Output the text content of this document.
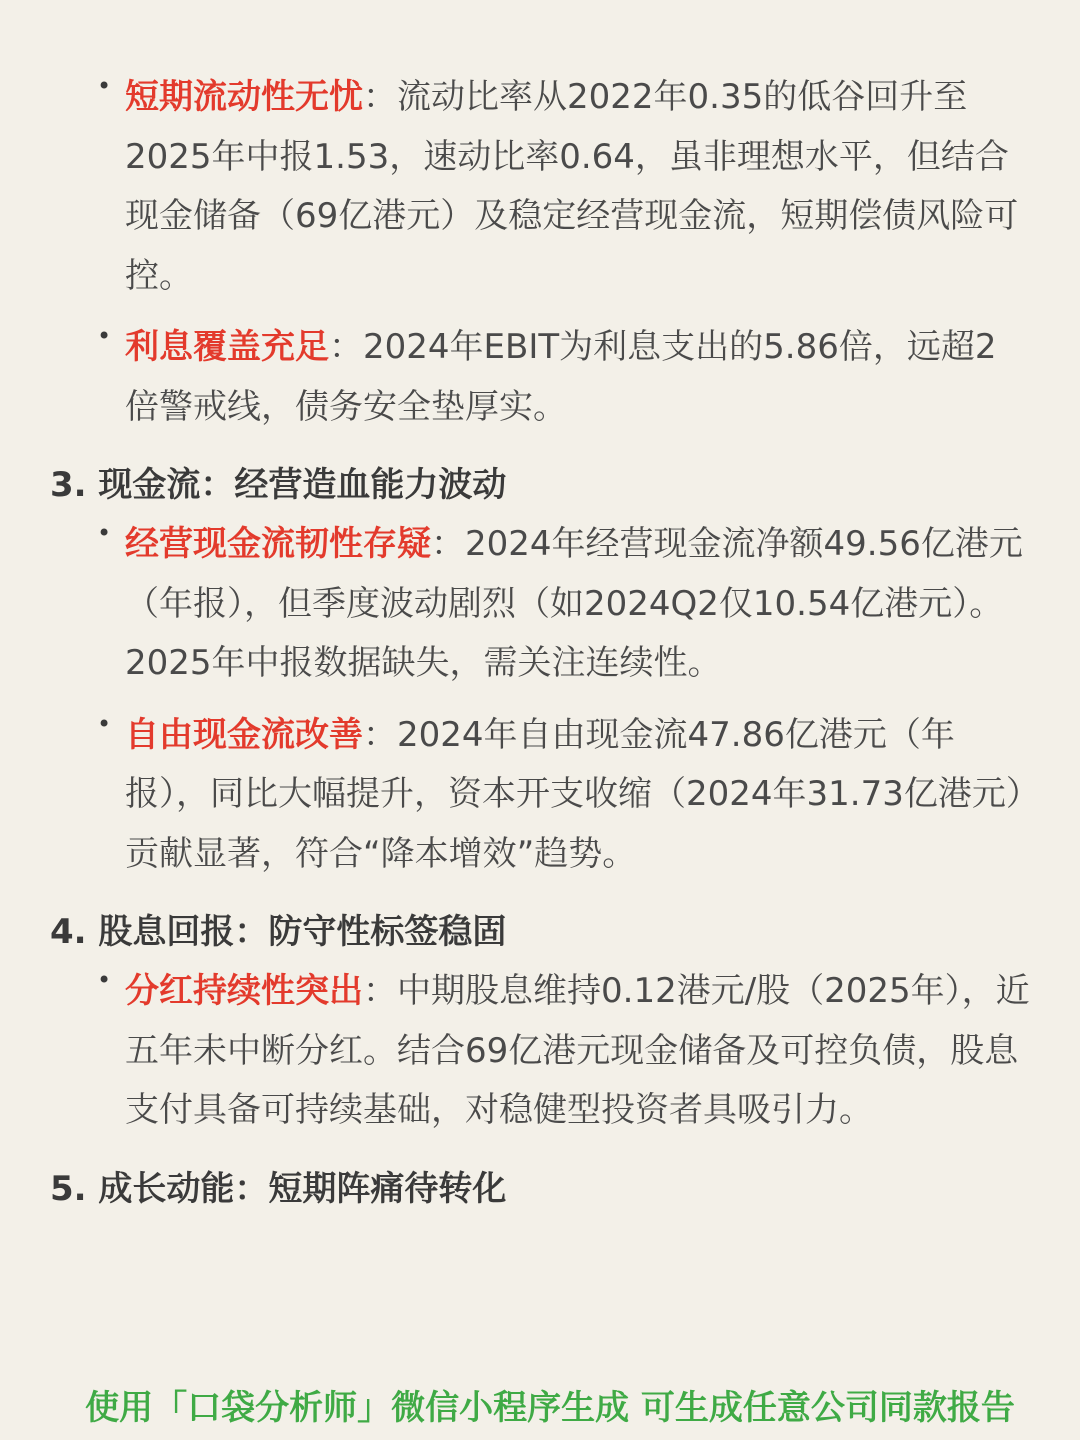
• 短期流动性无忧：流动比率从2022年0.35的低谷回升至2025年中报1.53，速动比率0.64，虽非理想水平，但结合现金储备（69亿港元）及稳定经营现金流，短期偿债风险可控。
• 利息覆盖充足：2024年EBIT为利息支出的5.86倍，远超2倍警戒线，债务安全垫厚实。
3. 现金流：经营造血能力波动
• 经营现金流韧性存疑：2024年经营现金流净额49.56亿港元（年报），但季度波动剧烈（如2024Q2仅10.54亿港元）。2025年中报数据缺失，需关注连续性。
• 自由现金流改善：2024年自由现金流47.86亿港元（年报），同比大幅提升，资本开支收缩（2024年31.73亿港元）贡献显著，符合“降本增效”趋势。
4. 股息回报：防守性标签稳固
• 分红持续性突出：中期股息维持0.12港元/股（2025年），近五年未中断分红。结合69亿港元现金储备及可控负债，股息支付具备可持续基础，对稳健型投资者具吸引力。
5. 成长动能：短期阵痛待转化
使用「口袋分析师」微信小程序生成 可生成任意公司同款报告
